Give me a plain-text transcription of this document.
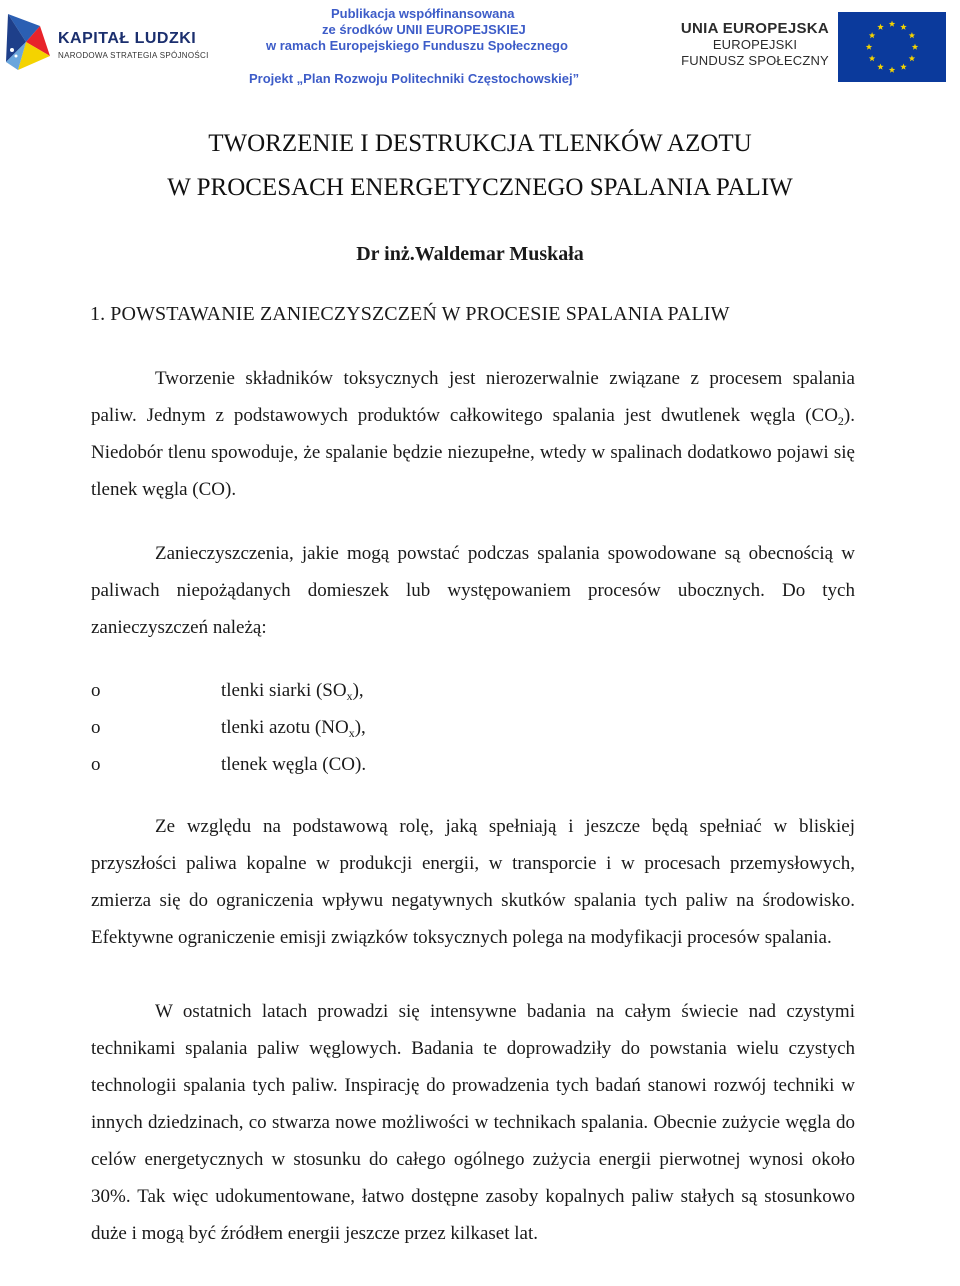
KAPITAŁ LUDZKI
NARODOWA STRATEGIA SPÓJNOŚCI
Publikacja współfinansowana
ze środków UNII EUROPEJSKIEJ
w ramach Europejskiego Funduszu Społecznego
Projekt „Plan Rozwoju Politechniki Częstochowskiej”
UNIA EUROPEJSKA
EUROPEJSKI
FUNDUSZ SPOŁECZNY
TWORZENIE I DESTRUKCJA TLENKÓW AZOTU
W PROCESACH ENERGETYCZNEGO SPALANIA PALIW
Dr inż.Waldemar Muskała
1. POWSTAWANIE ZANIECZYSZCZEŃ W PROCESIE SPALANIA PALIW
Tworzenie składników toksycznych jest nierozerwalnie związane z procesem spalania paliw. Jednym z podstawowych produktów całkowitego spalania jest dwutlenek węgla $(CO_2)$. Niedobór tlenu spowoduje, że spalanie będzie niezupełne, wtedy w spalinach dodatkowo pojawi się tlenek węgla (CO).
Zanieczyszczenia, jakie mogą powstać podczas spalania spowodowane są obecnością w paliwach niepożądanych domieszek lub występowaniem procesów ubocznych. Do tych zanieczyszczeń należą:
o	tlenki siarki $(SO_x)$,
o	tlenki azotu $(NO_x)$,
o	tlenek węgla (CO).
Ze względu na podstawową rolę, jaką spełniają i jeszcze będą spełniać w bliskiej przyszłości paliwa kopalne w produkcji energii, w transporcie i w procesach przemysłowych, zmierza się do ograniczenia wpływu negatywnych skutków spalania tych paliw na środowisko. Efektywne ograniczenie emisji związków toksycznych polega na modyfikacji procesów spalania.
W ostatnich latach prowadzi się intensywne badania na całym świecie nad czystymi technikami spalania paliw węglowych. Badania te doprowadziły do powstania wielu czystych technologii spalania tych paliw. Inspirację do prowadzenia tych badań stanowi rozwój techniki w innych dziedzinach, co stwarza nowe możliwości w technikach spalania. Obecnie zużycie węgla do celów energetycznych w stosunku do całego ogólnego zużycia energii pierwotnej wynosi około 30%. Tak więc udokumentowane, łatwo dostępne zasoby kopalnych paliw stałych są stosunkowo duże i mogą być źródłem energii jeszcze przez kilkaset lat.
